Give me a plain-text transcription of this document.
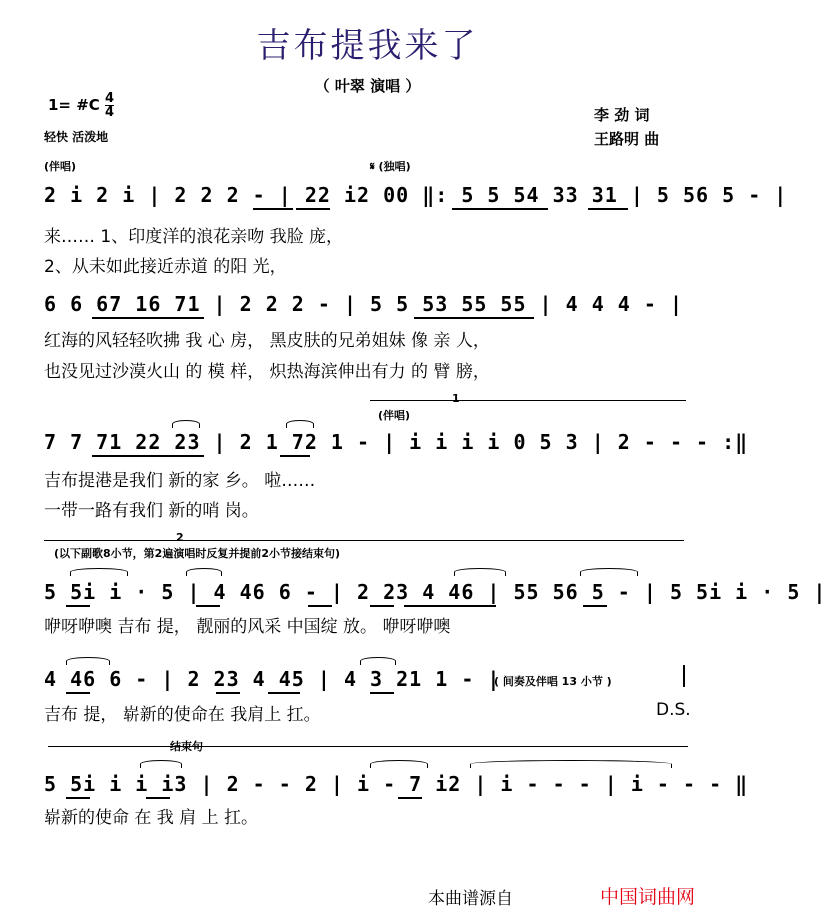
吉布提我来了
（ 叶翠 演唱 ）
1= #C $\frac{4}{4}$
轻快 活泼地
李 劲 词
王路明 曲
(伴唱)	𝄋 (独唱)
2 i 2 i | 2 2 2 - | 22 i2 00 ‖: 5 5 54 33 31 | 5 56 5 - |
来…… 1、印度洋的浪花亲吻 我脸 庞，
2、从未如此接近赤道 的阳 光，
6 6 67 16 71 | 2 2 2 - | 5 5 53 55 55 | 4 4 4 - |
红海的风轻轻吹拂 我 心 房， 黑皮肤的兄弟姐妹 像 亲 人，
也没见过沙漠火山 的 模 样， 炽热海滨伸出有力 的 臂 膀，
1
(伴唱)
7 7 71 22 23 | 2 1 72 1 - | i i i i 0 5 3 | 2 - - - :‖
吉布提港是我们 新的家 乡。 啦……
一带一路有我们 新的哨 岗。
2
(以下副歌8小节，第2遍演唱时反复并提前2小节接结束句)
5 5i i · 5 | 4 46 6 - | 2 23 4 46 | 55 56 5 - | 5 5i i · 5 |
咿呀咿噢 吉布 提， 靓丽的风采 中国绽 放。 咿呀咿噢
4 46 6 - | 2 23 4 45 | 4 3 21 1 - |
( 间奏及伴唱 13 小节 )
吉布 提， 崭新的使命在 我肩上 扛。	D.S.
结束句
5 5i i i i3 | 2 - - 2 | i - 7 i2 | i - - - | i - - - ‖
崭新的使命 在 我 肩 上 扛。
本曲谱源自	中国词曲网
